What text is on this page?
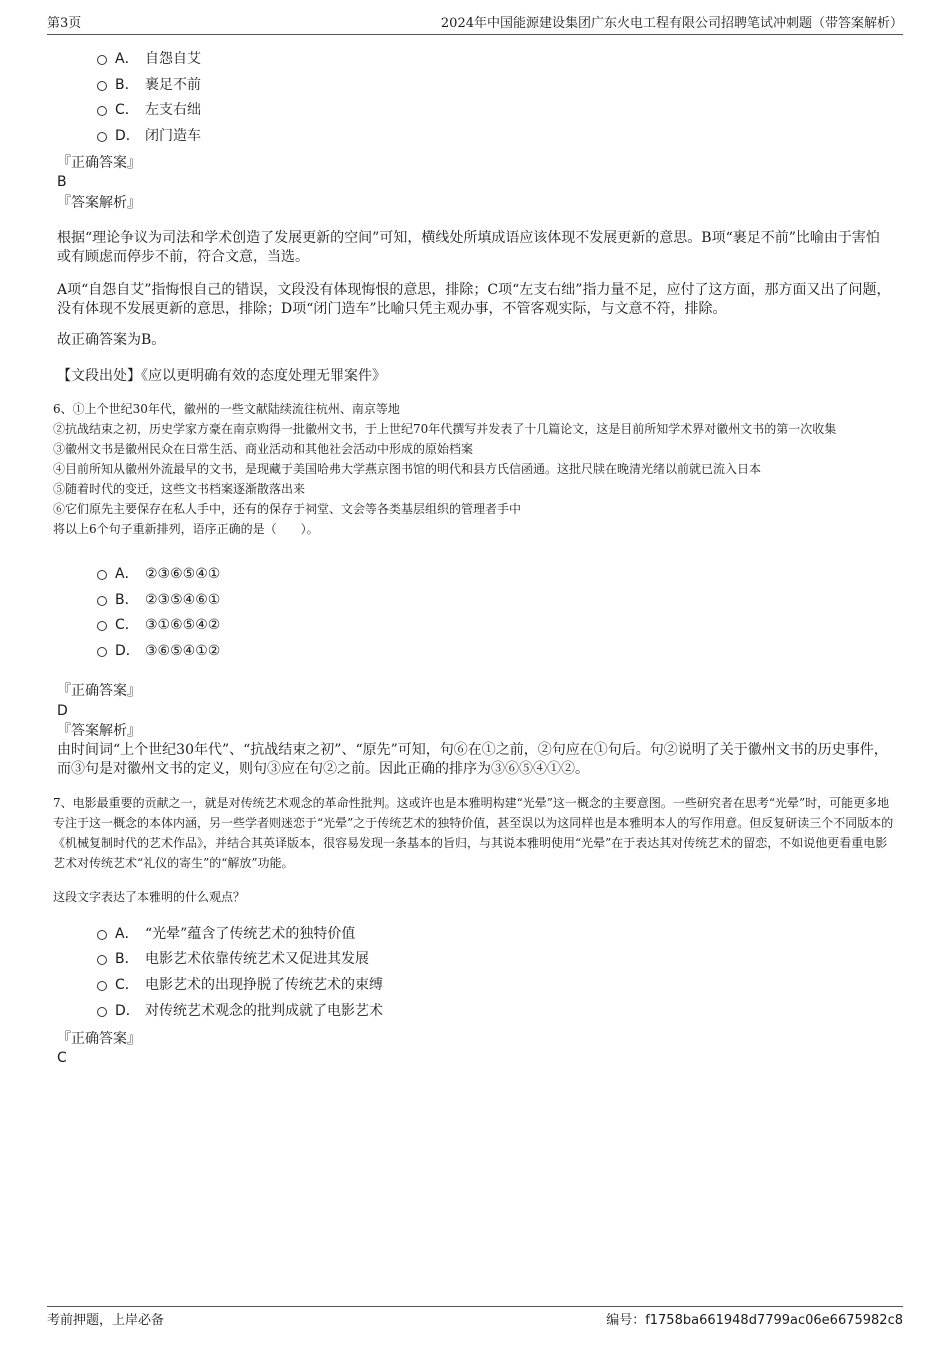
第3页	2024年中国能源建设集团广东火电工程有限公司招聘笔试冲刺题（带答案解析）
A． 自怨自艾
B． 裹足不前
C． 左支右绌
D． 闭门造车
『正确答案』
B
『答案解析』
根据“理论争议为司法和学术创造了发展更新的空间”可知，横线处所填成语应该体现不发展更新的意思。B项“裹足不前”比喻由于害怕或有顾虑而停步不前，符合文意，当选。
A项“自怨自艾”指悔恨自己的错误，文段没有体现悔恨的意思，排除；C项“左支右绌”指力量不足，应付了这方面，那方面又出了问题，没有体现不发展更新的意思，排除；D项“闭门造车”比喻只凭主观办事，不管客观实际，与文意不符，排除。
故正确答案为B。
【文段出处】《应以更明确有效的态度处理无罪案件》
6、①上个世纪30年代，徽州的一些文献陆续流往杭州、南京等地
②抗战结束之初，历史学家方豪在南京购得一批徽州文书，于上世纪70年代撰写并发表了十几篇论文，这是目前所知学术界对徽州文书的第一次收集
③徽州文书是徽州民众在日常生活、商业活动和其他社会活动中形成的原始档案
④目前所知从徽州外流最早的文书，是现藏于美国哈弗大学燕京图书馆的明代和县方氏信函通。这批尺牍在晚清光绪以前就已流入日本
⑤随着时代的变迁，这些文书档案逐渐散落出来
⑥它们原先主要保存在私人手中，还有的保存于祠堂、文会等各类基层组织的管理者手中
将以上6个句子重新排列，语序正确的是（　　）。
A． ②③⑥⑤④①
B． ②③⑤④⑥①
C． ③①⑥⑤④②
D． ③⑥⑤④①②
『正确答案』
D
『答案解析』
由时间词“上个世纪30年代”、“抗战结束之初”、“原先”可知，句⑥在①之前，②句应在①句后。句②说明了关于徽州文书的历史事件，而③句是对徽州文书的定义，则句③应在句②之前。因此正确的排序为③⑥⑤④①②。
7、电影最重要的贡献之一，就是对传统艺术观念的革命性批判。这或许也是本雅明构建“光晕”这一概念的主要意图。一些研究者在思考“光晕”时，可能更多地专注于这一概念的本体内涵，另一些学者则迷恋于“光晕”之于传统艺术的独特价值，甚至误以为这同样也是本雅明本人的写作用意。但反复研读三个不同版本的《机械复制时代的艺术作品》，并结合其英译版本，很容易发现一条基本的旨归，与其说本雅明使用“光晕”在于表达其对传统艺术的留恋，不如说他更看重电影艺术对传统艺术“礼仪的寄生”的“解放”功能。
这段文字表达了本雅明的什么观点？
A． “光晕”蕴含了传统艺术的独特价值
B． 电影艺术依靠传统艺术又促进其发展
C． 电影艺术的出现挣脱了传统艺术的束缚
D． 对传统艺术观念的批判成就了电影艺术
『正确答案』
C
考前押题，上岸必备	编号：f1758ba661948d7799ac06e6675982c8
